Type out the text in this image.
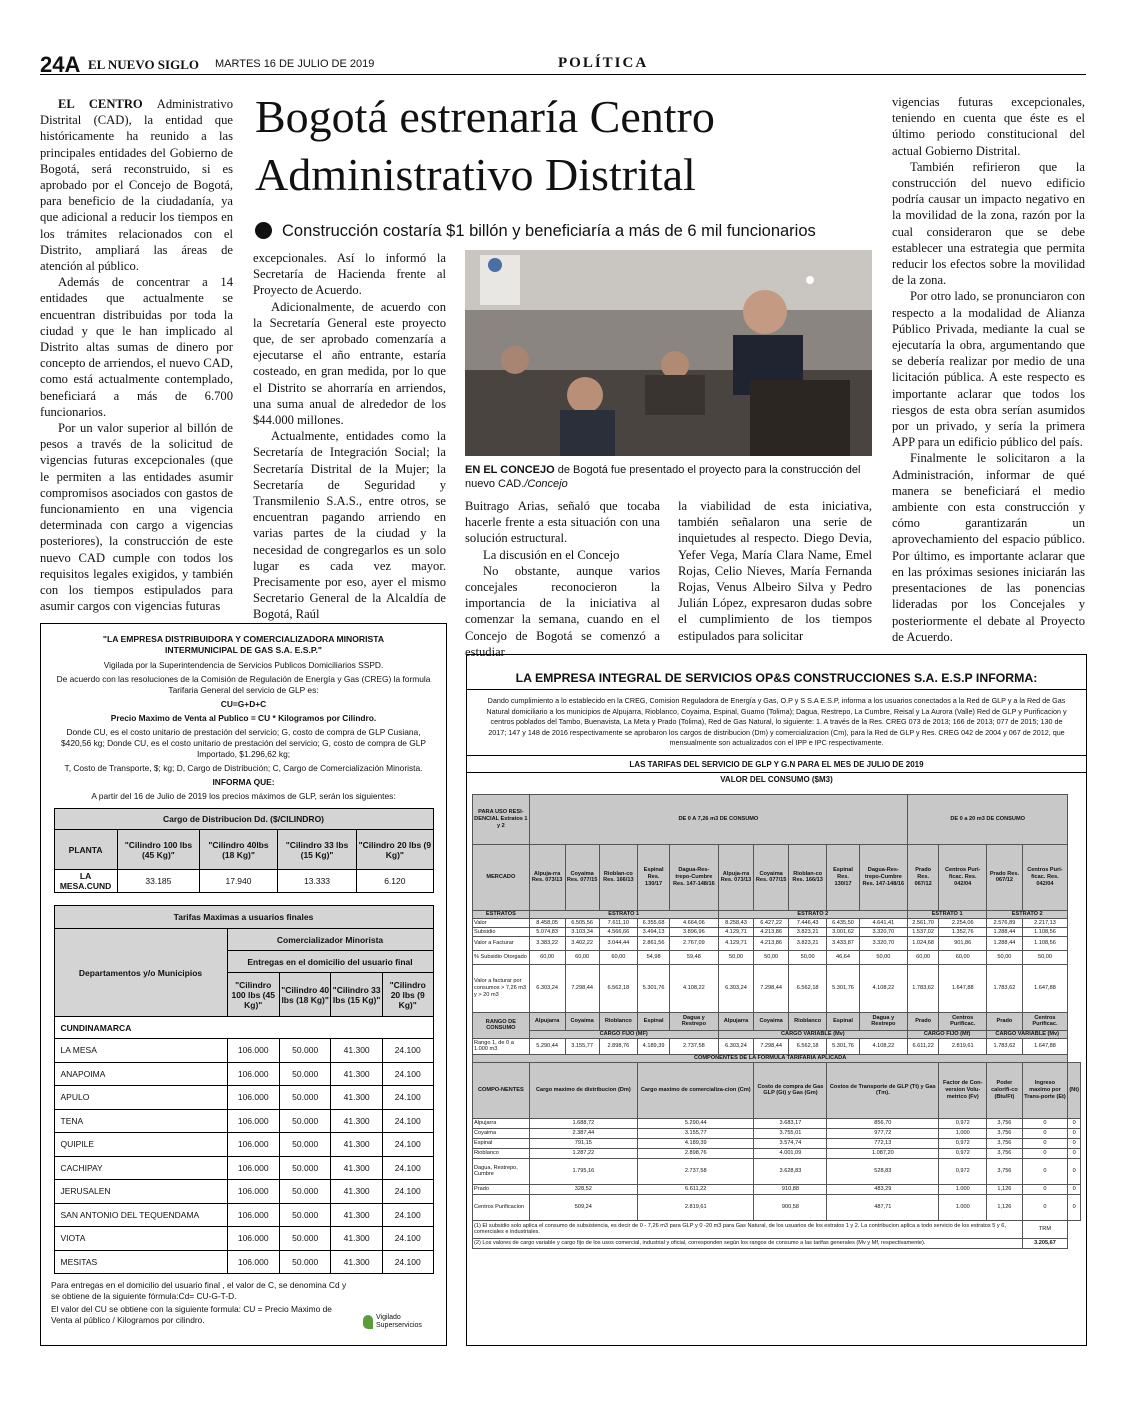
24A EL NUEVO SIGLO MARTES 16 DE JULIO DE 2019	POLÍTICA

EL CENTRO Administrativo Distrital (CAD), la entidad que históricamente ha reunido a las principales entidades del Gobierno de Bogotá, será reconstruido, si es aprobado por el Concejo de Bogotá, para beneficio de la ciudadanía, ya que adicional a reducir los tiempos en los trámites relacionados con el Distrito, ampliará las áreas de atención al público.

Además de concentrar a 14 entidades que actualmente se encuentran distribuidas por toda la ciudad y que le han implicado al Distrito altas sumas de dinero por concepto de arriendos, el nuevo CAD, como está actualmente contemplado, beneficiará a más de 6.700 funcionarios.

Por un valor superior al billón de pesos a través de la solicitud de vigencias futuras excepcionales (que le permiten a las entidades asumir compromisos asociados con gastos de funcionamiento en una vigencia determinada con cargo a vigencias posteriores), la construcción de este nuevo CAD cumple con todos los requisitos legales exigidos, y también con los tiempos estipulados para asumir cargos con vigencias futuras

Bogotá estrenaría Centro Administrativo Distrital
Construcción costaría $1 billón y beneficiaría a más de 6 mil funcionarios

excepcionales. Así lo informó la Secretaría de Hacienda frente al Proyecto de Acuerdo.

Adicionalmente, de acuerdo con la Secretaría General este proyecto que, de ser aprobado comenzaría a ejecutarse el año entrante, estaría costeado, en gran medida, por lo que el Distrito se ahorraría en arriendos, una suma anual de alrededor de los $44.000 millones.

Actualmente, entidades como la Secretaría de Integración Social; la Secretaría Distrital de la Mujer; la Secretaría de Seguridad y Transmilenio S.A.S., entre otros, se encuentran pagando arriendo en varias partes de la ciudad y la necesidad de congregarlos es un solo lugar es cada vez mayor. Precisamente por eso, ayer el mismo Secretario General de la Alcaldía de Bogotá, Raúl

EN EL CONCEJO de Bogotá fue presentado el proyecto para la construcción del nuevo CAD./Concejo

Buitrago Arias, señaló que tocaba hacerle frente a esta situación con una solución estructural.

La discusión en el Concejo

No obstante, aunque varios concejales reconocieron la importancia de la iniciativa al comenzar la semana, cuando en el Concejo de Bogotá se comenzó a estudiar

la viabilidad de esta iniciativa, también señalaron una serie de inquietudes al respecto. Diego Devia, Yefer Vega, María Clara Name, Emel Rojas, Celio Nieves, María Fernanda Rojas, Venus Albeiro Silva y Pedro Julián López, expresaron dudas sobre el cumplimiento de los tiempos estipulados para solicitar

vigencias futuras excepcionales, teniendo en cuenta que éste es el último periodo constitucional del actual Gobierno Distrital.

También refirieron que la construcción del nuevo edificio podría causar un impacto negativo en la movilidad de la zona, razón por la cual consideraron que se debe establecer una estrategia que permita reducir los efectos sobre la movilidad de la zona.

Por otro lado, se pronunciaron con respecto a la modalidad de Alianza Público Privada, mediante la cual se ejecutaría la obra, argumentando que se debería realizar por medio de una licitación pública. A este respecto es importante aclarar que todos los riesgos de esta obra serían asumidos por un privado, y sería la primera APP para un edificio público del país.

Finalmente le solicitaron a la Administración, informar de qué manera se beneficiará el medio ambiente con esta construcción y cómo garantizarán un aprovechamiento del espacio público. Por último, es importante aclarar que en las próximas sesiones iniciarán las presentaciones de las ponencias lideradas por los Concejales y posteriormente el debate al Proyecto de Acuerdo.

"LA EMPRESA DISTRIBUIDORA Y COMERCIALIZADORA MINORISTA INTERMUNICIPAL DE GAS S.A. E.S.P."
Vigilada por la Superintendencia de Servicios Publicos Domiciliarios SSPD.
De acuerdo con las resoluciones de la Comisión de Regulación de Energía y Gas (CREG) la formula Tarifaria General del servicio de GLP es:
CU=G+D+C
Precio Maximo de Venta al Publico = CU * Kilogramos por Cilindro.
Donde CU, es el costo unitario de prestación del servicio; G, costo de compra de GLP Cusiana, $420,56 kg; Donde CU, es el costo unitario de prestación del servicio; G, costo de compra de GLP Importado, $1.296,62 kg;
T, Costo de Transporte, $; kg; D, Cargo de Distribución; C, Cargo de Comercialización Minorista.
INFORMA QUE:
A partir del 16 de Julio de 2019 los precios máximos de GLP, serán los siguientes:
Cargo de Distribucion Dd. ($/CILINDRO)				
PLANTA	"Cilindro 100 lbs (45 Kg)"	"Cilindro 40lbs (18 Kg)"	"Cilindro 33 lbs (15 Kg)"	"Cilindro 20 lbs (9 Kg)"
LA MESA.CUND	33.185	17.940	13.333	6.120
Tarifas Maximas a usuarios finales				
Departamentos y/o Municipios	Comercializador Minorista			
	Entregas en el domicilio del usuario final			
	"Cilindro 100 lbs (45 Kg)"	"Cilindro 40 lbs (18 Kg)"	"Cilindro 33 lbs (15 Kg)"	"Cilindro 20 lbs (9 Kg)"
CUNDINAMARCA				
LA MESA	106.000	50.000	41.300	24.100
ANAPOIMA	106.000	50.000	41.300	24.100
APULO	106.000	50.000	41.300	24.100
TENA	106.000	50.000	41.300	24.100
QUIPILE	106.000	50.000	41.300	24.100
CACHIPAY	106.000	50.000	41.300	24.100
JERUSALEN	106.000	50.000	41.300	24.100
SAN ANTONIO DEL TEQUENDAMA	106.000	50.000	41.300	24.100
VIOTA	106.000	50.000	41.300	24.100
MESITAS	106.000	50.000	41.300	24.100
Para entregas en el domicilio del usuario final , el valor de C, se denomina Cd y se obtiene de la siguiente fórmula:Cd= CU-G-T-D.
El valor del CU se obtiene con la siguiente formula: CU = Precio Maximo de Venta al público / Kilogramos por cilindro.	Vigilado Superservicios
LA EMPRESA INTEGRAL DE SERVICIOS OP&S CONSTRUCCIONES S.A. E.S.P INFORMA:
Dando cumplimiento a lo establecido en la CREG, Comision Reguladora de Energía y Gas, O.P y S S.A E.S.P, informa a los usuarios conectados a la Red de GLP y a la Red de Gas Natural domiciliario a los municipios de Alpujarra, Rioblanco, Coyaima, Espinal, Guamo (Tolima); Dagua, Restrepo, La Cumbre, Reisal y La Aurora (Valle) Red de GLP y Purificacion y centros poblados del Tambo, Buenavista, La Meta y Prado (Tolima), Red de Gas Natural, lo siguiente: 1. A través de la Res. CREG 073 de 2013; 166 de 2013; 077 de 2015; 130 de 2017; 147 y 148 de 2016 respectivamente se aprobaron los cargos de distribucion (Dm) y comercializacion (Cm), para la Red de GLP y Res. CREG 042 de 2004 y 067 de 2012, que mensualmente son actualizados con el IPP e IPC respectivamente.
LAS TARIFAS DEL SERVICIO DE GLP Y G.N PARA EL MES DE JULIO DE 2019
VALOR DEL CONSUMO ($M3)
PARA USO RESI-DENCIAL Estratos 1 y 2	DE 0 A 7,26 m3 DE CONSUMO										DE 0 a 20 m3 DE CONSUMO				
MERCADO	Alpuja-rra Res. 073/13	Coyaima Res. 077/15	Rioblan-co Res. 166/13	Espinal Res. 130/17	Dagua-Res-trepo-Cumbre Res. 147-148/16	Alpuja-rra Res. 073/13	Coyaima Res. 077/15	Rioblan-co Res. 166/13	Espinal Res. 130/17	Dagua-Res-trepo-Cumbre Res. 147-148/16	Prado Res. 067/12	Centros Puri-ficac. Res. 042/04	Prado Res. 067/12	Centros Puri-ficac. Res. 042/04	
ESTRATOS	ESTRATO 1					ESTRATO 2					ESTRATO 1		ESTRATO 2		
Valor	8.458,05	6.505,56	7.611,10	6.355,68	4.664,06	8.258,43	6.427,22	7.446,43	6.435,50	4.641,41	2.561,70	2.254,06	2.576,89	2.217,13	
Subsidio	5.074,83	3.103,34	4.566,66	3.494,13	3.896,96	4.129,71	4.213,86	3.823,21	3.001,62	3.320,70	1.537,02	1.352,76	1.288,44	1.108,56	
Valor a Facturar	3.383,22	3.402,22	3.044,44	2.861,56	2.767,09	4.129,71	4.213,86	3.823,21	3.433,87	3.320,70	1.024,68	901,86	1.288,44	1.108,56	
% Subsidio Otorgado	60,00	60,00	60,00	54,98	59,48	50,00	50,00	50,00	46,64	50,00	60,00	60,00	50,00	50,00	
Valor a facturar por consumos > 7,26 m3 y > 20 m3	6.303,24	7.298,44	6.562,18	5.301,76	4.108,22	6.303,24	7.298,44	6.562,18	5.301,76	4.108,22	1.783,62	1.647,88	1.783,62	1.647,88	
RANGO DE CONSUMO	Alpujarra	Coyaima	Rioblanco	Espinal	Dagua y Restrepo	Alpujarra	Coyaima	Rioblanco	Espinal	Dagua y Restrepo	Prado	Centros Purificac.	Prado	Centros Purificac.	
	CARGO FIJO (MF)					CARGO VARIABLE (Mv)					CARGO FIJO (Mf)		CARGO VARIABLE (Mv)		
Rango 1, de 0 a 1.000 m3	5.290,44	3.155,77	2.898,76	4.189,39	2.737,58	6.303,24	7.298,44	6.562,18	5.301,76	4.108,22	6.611,22	2.819,61	1.783,62	1.647,88	
COMPONENTES DE LA FORMULA TARIFARIA APLICADA															
COMPO-NENTES	Cargo maximo de distribucion (Dm)			Cargo maximo de comercializa-cion (Cm)			Costo de compra de Gas GLP (Gt) y Gas (Gm)		Costos de Transporte de GLP (Tt) y Gas (Tm).			Factor de Con-version Volu-metrico (Fv)	Poder calorifi-co (Btu/Ft)	Ingreso maximo por Trans-porte (Et)	(Nt)
Alpujarra	1.688,72			5.290,44			3.683,17		856,70			0,972	3,756	0	0
Coyaima	2.387,44			3.155,77			3.755,01		977,72			1,000	3,756	0	0
Espinal	791,15			4.189,39			3.574,74		772,13			0,972	3,756	0	0
Rioblanco	1.287,22			2.898,76			4.001,09		1.087,20			0,972	3,756	0	0
Dagua, Restrepo, Cumbre	1.795,16			2.737,58			3.628,83		528,83			0,972	3,756	0	0
Prado	328,52			6.611,22			910,88		483,29			1.000	1,126	0	0
Centros Purificacion	509,24			2.819,61			900,58		487,71			1.000	1,126	0	0
(1) El subsidio solo aplica el consumo de subsistencia, es decir de 0 - 7,26 m3 para GLP y 0 -20 m3 para Gas Natural, de los usuarios de los estratos 1 y 2. La contribucion aplica a todo servicio de los estratos 5 y 6, comerciales e industriales.														TRM	
(2) Los valores de cargo variable y cargo fijo de los usos comercial, industrial y oficial, corresponden según los rangos de consumo a las tarifas generales (Mv y Mf, respectivamente).														3.205,67	
